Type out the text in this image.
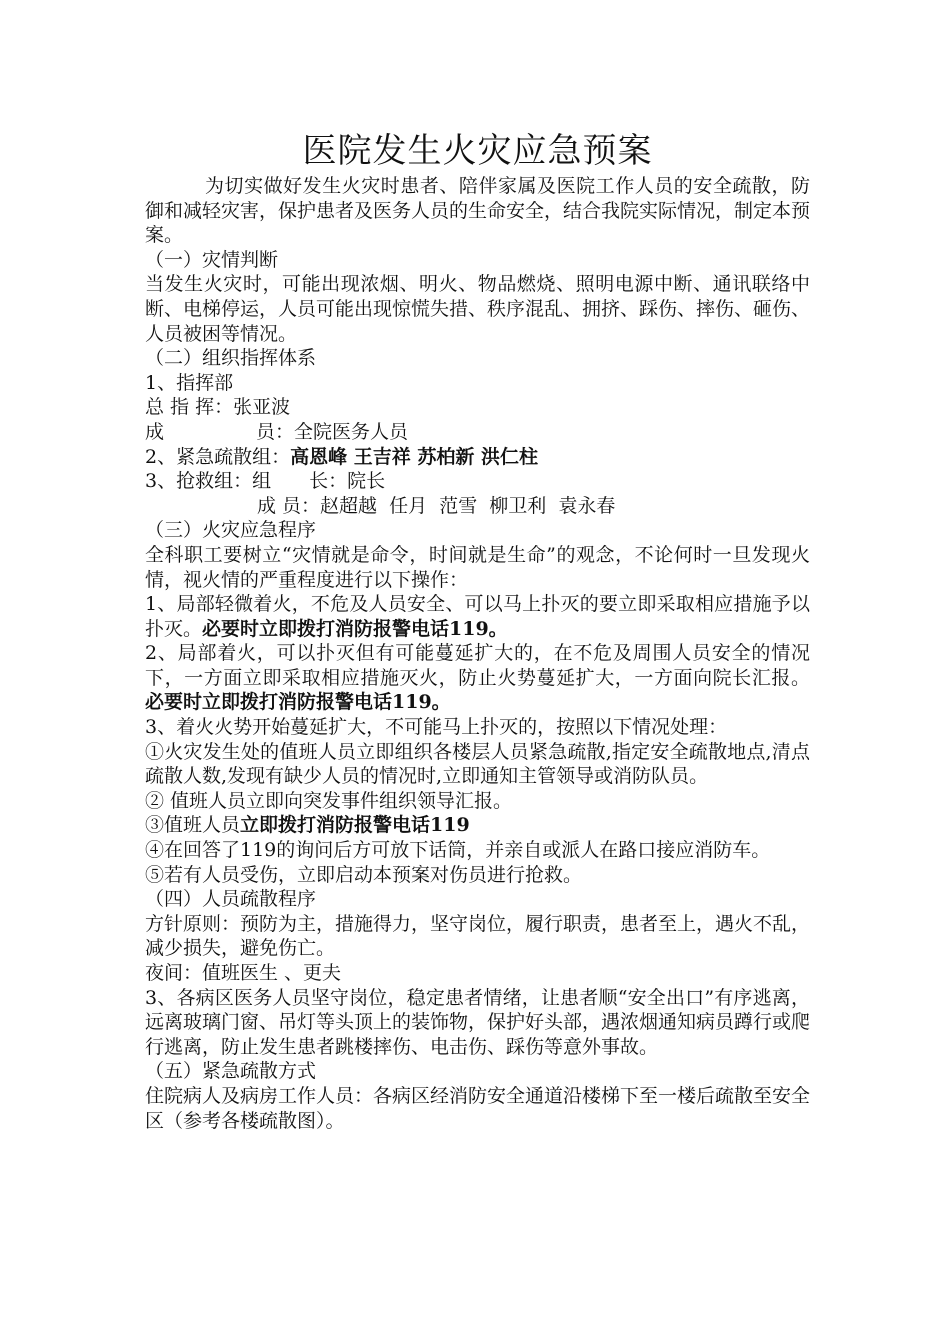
医院发生火灾应急预案

为切实做好发生火灾时患者、陪伴家属及医院工作人员的安全疏散，防御和减轻灾害，保护患者及医务人员的生命安全，结合我院实际情况，制定本预案。

（一）灾情判断

当发生火灾时，可能出现浓烟、明火、物品燃烧、照明电源中断、通讯联络中断、电梯停运，人员可能出现惊慌失措、秩序混乱、拥挤、踩伤、摔伤、砸伤、人员被困等情况。

（二）组织指挥体系

1、指挥部

总 指 挥：张亚波

成	员：全院医务人员

2、紧急疏散组：高恩峰 王吉祥 苏柏新 洪仁柱

3、抢救组：组 长：院长

成 员：赵超越  任月  范雪  柳卫利  袁永春

（三）火灾应急程序

全科职工要树立“灾情就是命令，时间就是生命”的观念，不论何时一旦发现火情，视火情的严重程度进行以下操作：

1、局部轻微着火，不危及人员安全、可以马上扑灭的要立即采取相应措施予以扑灭。必要时立即拨打消防报警电话119。

2、局部着火，可以扑灭但有可能蔓延扩大的，在不危及周围人员安全的情况下，一方面立即采取相应措施灭火，防止火势蔓延扩大，一方面向院长汇报。必要时立即拨打消防报警电话119。

3、着火火势开始蔓延扩大，不可能马上扑灭的，按照以下情况处理：

①火灾发生处的值班人员立即组织各楼层人员紧急疏散,指定安全疏散地点,清点疏散人数,发现有缺少人员的情况时,立即通知主管领导或消防队员。

② 值班人员立即向突发事件组织领导汇报。

③值班人员立即拨打消防报警电话119

④在回答了119的询问后方可放下话筒，并亲自或派人在路口接应消防车。

⑤若有人员受伤，立即启动本预案对伤员进行抢救。

（四）人员疏散程序

方针原则：预防为主，措施得力，坚守岗位，履行职责，患者至上，遇火不乱，减少损失，避免伤亡。

夜间：值班医生 、更夫

3、各病区医务人员坚守岗位，稳定患者情绪，让患者顺“安全出口”有序逃离，远离玻璃门窗、吊灯等头顶上的装饰物，保护好头部，遇浓烟通知病员蹲行或爬行逃离，防止发生患者跳楼摔伤、电击伤、踩伤等意外事故。

（五）紧急疏散方式

住院病人及病房工作人员：各病区经消防安全通道沿楼梯下至一楼后疏散至安全区（参考各楼疏散图）。
